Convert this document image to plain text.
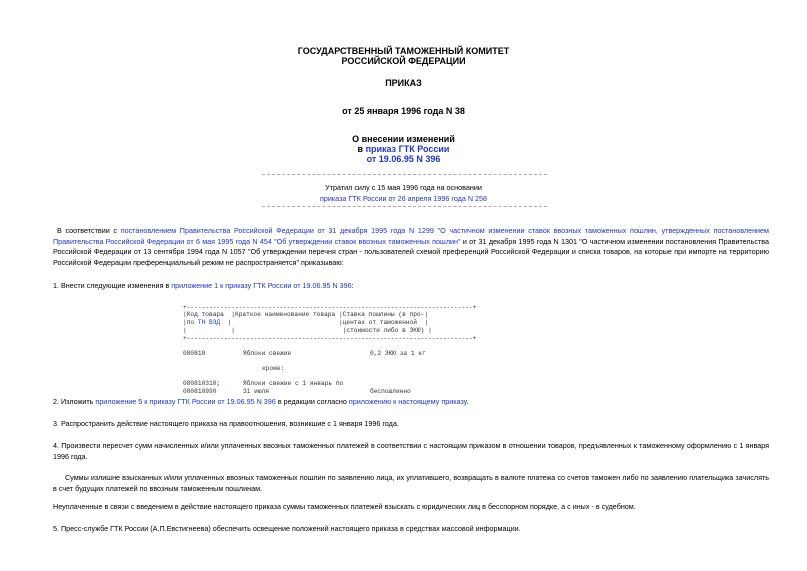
ГОСУДАРСТВЕННЫЙ ТАМОЖЕННЫЙ КОМИТЕТ
РОССИЙСКОЙ ФЕДЕРАЦИИ
ПРИКАЗ
от 25 января 1996 года N 38
О внесении изменений
в приказ ГТК России
от 19.06.95 N 396
Утратил силу с 15 мая 1996 года на основании
приказа ГТК России от 26 апреля 1996 года N 258
В соответствии с постановлением Правительства Российской Федерации от 31 декабря 1995 года N 1299 "О частичном изменении ставок ввозных таможенных пошлин, утвержденных постановлением Правительства Российской Федерации от 6 мая 1995 года N 454 "Об утверждении ставок ввозных таможенных пошлин" и от 31 декабря 1995 года N 1301 "О частичном изменении постановления Правительства Российской Федерации от 13 сентября 1994 года N 1057 "Об утверждении перечня стран - пользователей схемой преференций Российской Федерации и списка товаров, на которые при импорте на территорию Российской Федерации преференциальный режим не распространяется" приказываю:
1. Внести следующие изменения в приложение 1 к приказу ГТК России от 19.06.95 N 396:
+-----------------------------------------------------------------------------+
|Код товара  |Краткое наименование товара |Ставка пошлины (в про-|
|по ТН ВЭД  |                             |центах от таможенной  |
|            |                             |стоимости либо в ЭКЮ) |
+-----------------------------------------------------------------------------+
080810	Яблоки свежие	0,2 ЭКЮ за 1 кг
кроме:
080810310;	Яблоки свежие с 1 январь по
080810990	31 июля	беспошлинно
2. Изложить приложение 5 к приказу ГТК России от 19.06.95 N 396 в редакции согласно приложению к настоящему приказу.
3. Распространить действие настоящего приказа на правоотношения, возникшие с 1 января 1996 года.
4. Произвести пересчет сумм начисленных и/или уплаченных ввозных таможенных платежей в соответствии с настоящим приказом в отношении товаров, предъявленных к таможенному оформлению с 1 января 1996 года.
Суммы излишне взысканных и/или уплаченных ввозных таможенных пошлин по заявлению лица, их уплатившего, возвращать в валюте платежа со счетов таможен либо по заявлению плательщика зачислять в счет будущих платежей по ввозным таможенным пошлинам.
Неуплаченные в связи с введением в действие настоящего приказа суммы таможенных платежей взыскать с юридических лиц в бесспорном порядке, а с иных - в судебном.
5. Пресс-службе ГТК России (А.П.Евстигнеева) обеспечить освещение положений настоящего приказа в средствах массовой информации.
